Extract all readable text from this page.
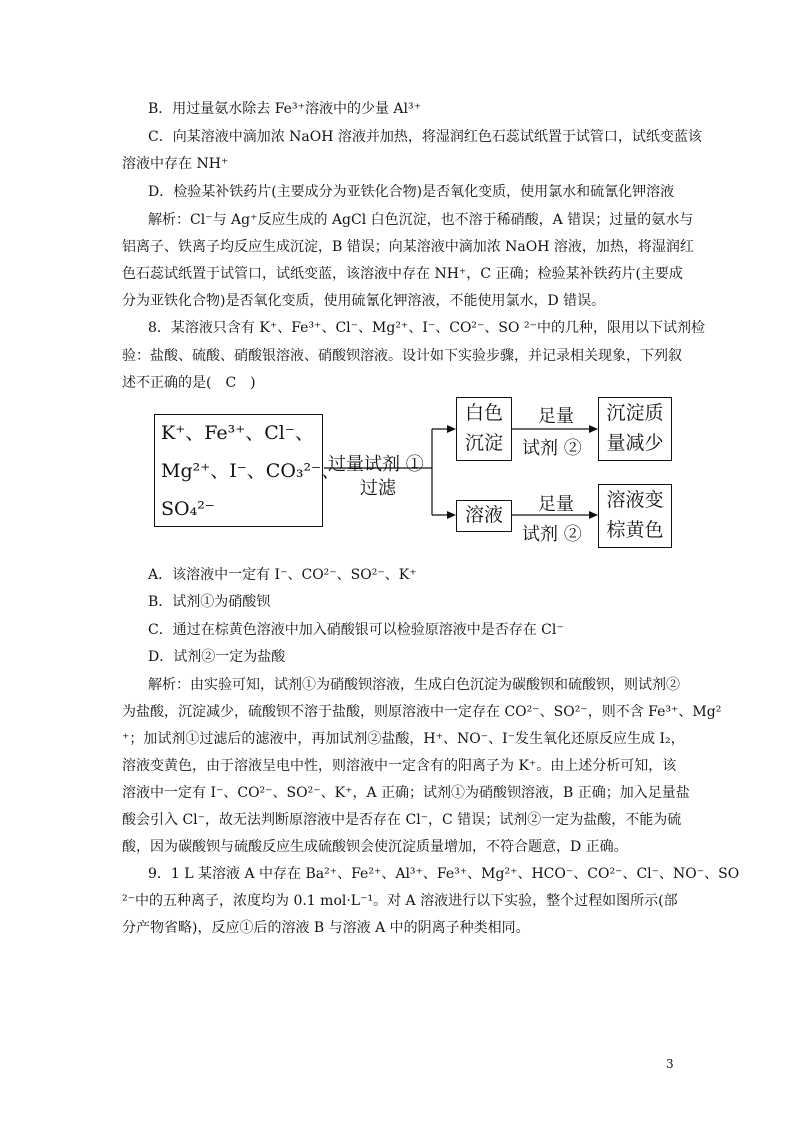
B．用过量氨水除去 Fe³⁺溶液中的少量 Al³⁺
C．向某溶液中滴加浓 NaOH 溶液并加热，将湿润红色石蕊试纸置于试管口，试纸变蓝该
溶液中存在 NH⁺
D．检验某补铁药片(主要成分为亚铁化合物)是否氧化变质，使用氯水和硫氰化钾溶液
解析：Cl⁻与 Ag⁺反应生成的 AgCl 白色沉淀，也不溶于稀硝酸，A 错误；过量的氨水与
铝离子、铁离子均反应生成沉淀，B 错误；向某溶液中滴加浓 NaOH 溶液，加热，将湿润红
色石蕊试纸置于试管口，试纸变蓝，该溶液中存在 NH⁺，C 正确；检验某补铁药片(主要成
分为亚铁化合物)是否氧化变质，使用硫氰化钾溶液，不能使用氯水，D 错误。
8．某溶液只含有 K⁺、Fe³⁺、Cl⁻、Mg²⁺、I⁻、CO²⁻、SO ²⁻中的几种，限用以下试剂检
验：盐酸、硫酸、硝酸银溶液、硝酸钡溶液。设计如下实验步骤，并记录相关现象，下列叙
述不正确的是(　C　)
K⁺、Fe³⁺、Cl⁻、
Mg²⁺、I⁻、CO₃²⁻、
SO₄²⁻
过量试剂 ①
过滤
白色
沉淀
溶液
足量
试剂 ②
足量
试剂 ②
沉淀质
量减少
溶液变
棕黄色
A．该溶液中一定有 I⁻、CO²⁻、SO²⁻、K⁺
B．试剂①为硝酸钡
C．通过在棕黄色溶液中加入硝酸银可以检验原溶液中是否存在 Cl⁻
D．试剂②一定为盐酸
解析：由实验可知，试剂①为硝酸钡溶液，生成白色沉淀为碳酸钡和硫酸钡，则试剂②
为盐酸，沉淀减少，硫酸钡不溶于盐酸，则原溶液中一定存在 CO²⁻、SO²⁻，则不含 Fe³⁺、Mg²
⁺；加试剂①过滤后的滤液中，再加试剂②盐酸，H⁺、NO⁻、I⁻发生氧化还原反应生成 I₂，
溶液变黄色，由于溶液呈电中性，则溶液中一定含有的阳离子为 K⁺。由上述分析可知，该
溶液中一定有 I⁻、CO²⁻、SO²⁻、K⁺，A 正确；试剂①为硝酸钡溶液，B 正确；加入足量盐
酸会引入 Cl⁻，故无法判断原溶液中是否存在 Cl⁻，C 错误；试剂②一定为盐酸，不能为硫
酸，因为碳酸钡与硫酸反应生成硫酸钡会使沉淀质量增加，不符合题意，D 正确。
9．1 L 某溶液 A 中存在 Ba²⁺、Fe²⁺、Al³⁺、Fe³⁺、Mg²⁺、HCO⁻、CO²⁻、Cl⁻、NO⁻、SO
²⁻中的五种离子，浓度均为 0.1 mol·L⁻¹。对 A 溶液进行以下实验，整个过程如图所示(部
分产物省略)，反应①后的溶液 B 与溶液 A 中的阴离子种类相同。
3
